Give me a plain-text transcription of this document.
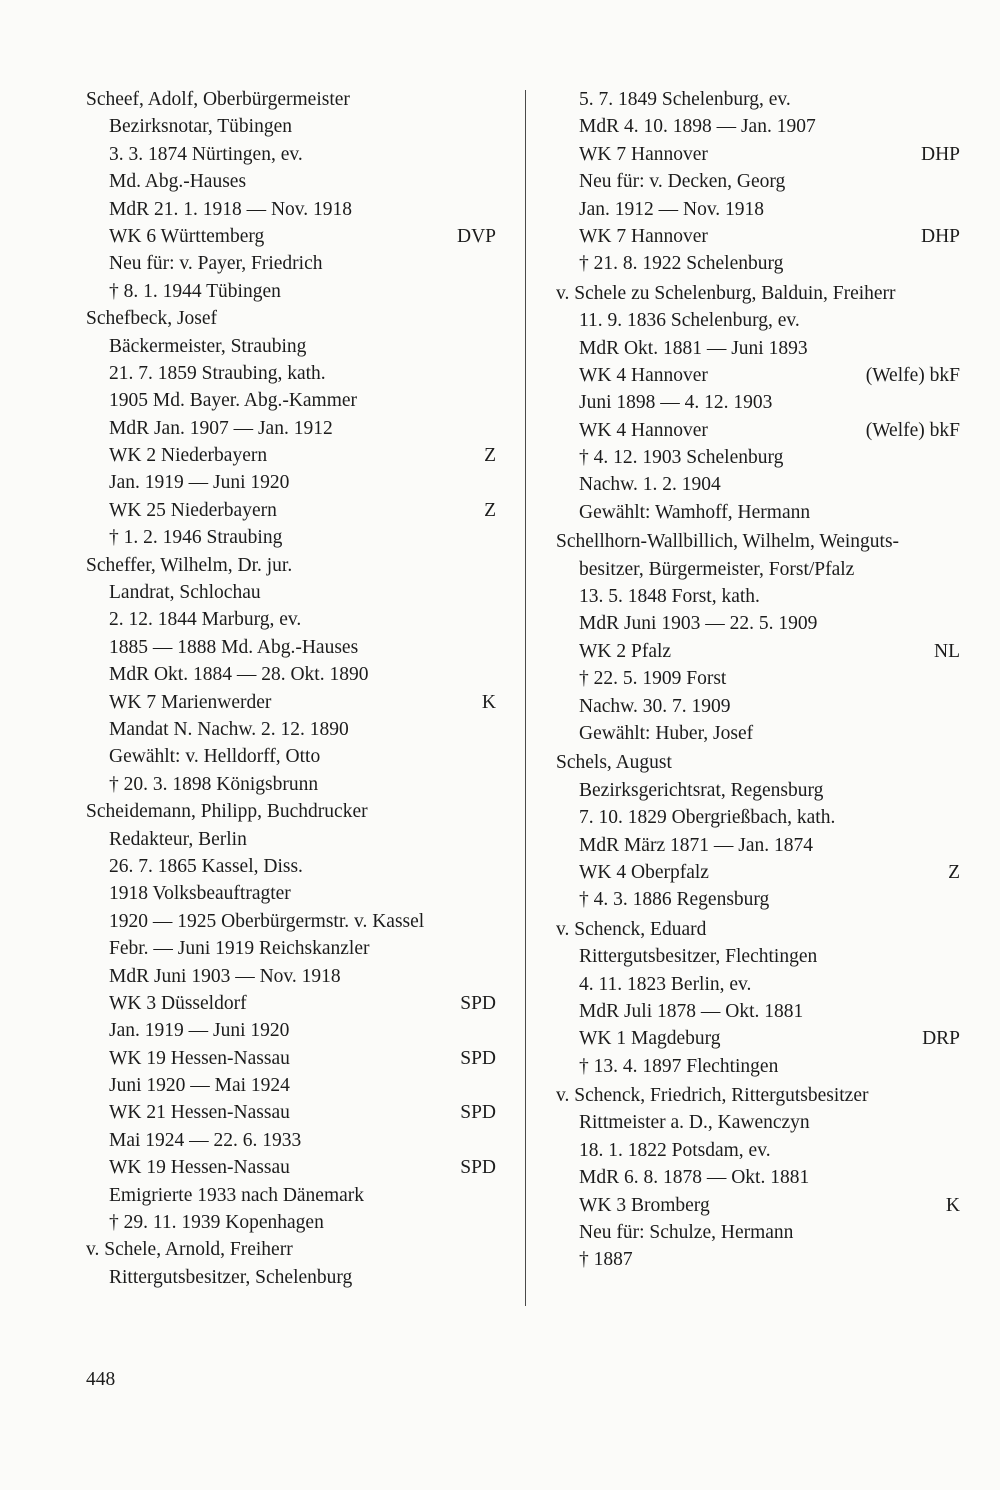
Scheef, Adolf, Oberbürgermeister
Bezirksnotar, Tübingen
3. 3. 1874 Nürtingen, ev.
Md. Abg.-Hauses
MdR 21. 1. 1918 — Nov. 1918
WK 6 Württemberg	DVP
Neu für: v. Payer, Friedrich
† 8. 1. 1944 Tübingen
Schefbeck, Josef
Bäckermeister, Straubing
21. 7. 1859 Straubing, kath.
1905 Md. Bayer. Abg.-Kammer
MdR Jan. 1907 — Jan. 1912
WK 2 Niederbayern	Z
Jan. 1919 — Juni 1920
WK 25 Niederbayern	Z
† 1. 2. 1946 Straubing
Scheffer, Wilhelm, Dr. jur.
Landrat, Schlochau
2. 12. 1844 Marburg, ev.
1885 — 1888 Md. Abg.-Hauses
MdR Okt. 1884 — 28. Okt. 1890
WK 7 Marienwerder	K
Mandat N. Nachw. 2. 12. 1890
Gewählt: v. Helldorff, Otto
† 20. 3. 1898 Königsbrunn
Scheidemann, Philipp, Buchdrucker
Redakteur, Berlin
26. 7. 1865 Kassel, Diss.
1918 Volksbeauftragter
1920 — 1925 Oberbürgermstr. v. Kassel
Febr. — Juni 1919 Reichskanzler
MdR Juni 1903 — Nov. 1918
WK 3 Düsseldorf	SPD
Jan. 1919 — Juni 1920
WK 19 Hessen-Nassau	SPD
Juni 1920 — Mai 1924
WK 21 Hessen-Nassau	SPD
Mai 1924 — 22. 6. 1933
WK 19 Hessen-Nassau	SPD
Emigrierte 1933 nach Dänemark
† 29. 11. 1939 Kopenhagen
v. Schele, Arnold, Freiherr
Rittergutsbesitzer, Schelenburg
5. 7. 1849 Schelenburg, ev.
MdR 4. 10. 1898 — Jan. 1907
WK 7 Hannover	DHP
Neu für: v. Decken, Georg
Jan. 1912 — Nov. 1918
WK 7 Hannover	DHP
† 21. 8. 1922 Schelenburg
v. Schele zu Schelenburg, Balduin, Freiherr
11. 9. 1836 Schelenburg, ev.
MdR Okt. 1881 — Juni 1893
WK 4 Hannover	(Welfe) bkF
Juni 1898 — 4. 12. 1903
WK 4 Hannover	(Welfe) bkF
† 4. 12. 1903 Schelenburg
Nachw. 1. 2. 1904
Gewählt: Wamhoff, Hermann
Schellhorn-Wallbillich, Wilhelm, Weinguts-
besitzer, Bürgermeister, Forst/Pfalz
13. 5. 1848 Forst, kath.
MdR Juni 1903 — 22. 5. 1909
WK 2 Pfalz	NL
† 22. 5. 1909 Forst
Nachw. 30. 7. 1909
Gewählt: Huber, Josef
Schels, August
Bezirksgerichtsrat, Regensburg
7. 10. 1829 Obergrießbach, kath.
MdR März 1871 — Jan. 1874
WK 4 Oberpfalz	Z
† 4. 3. 1886 Regensburg
v. Schenck, Eduard
Rittergutsbesitzer, Flechtingen
4. 11. 1823 Berlin, ev.
MdR Juli 1878 — Okt. 1881
WK 1 Magdeburg	DRP
† 13. 4. 1897 Flechtingen
v. Schenck, Friedrich, Rittergutsbesitzer
Rittmeister a. D., Kawenczyn
18. 1. 1822 Potsdam, ev.
MdR 6. 8. 1878 — Okt. 1881
WK 3 Bromberg	K
Neu für: Schulze, Hermann
† 1887
448
